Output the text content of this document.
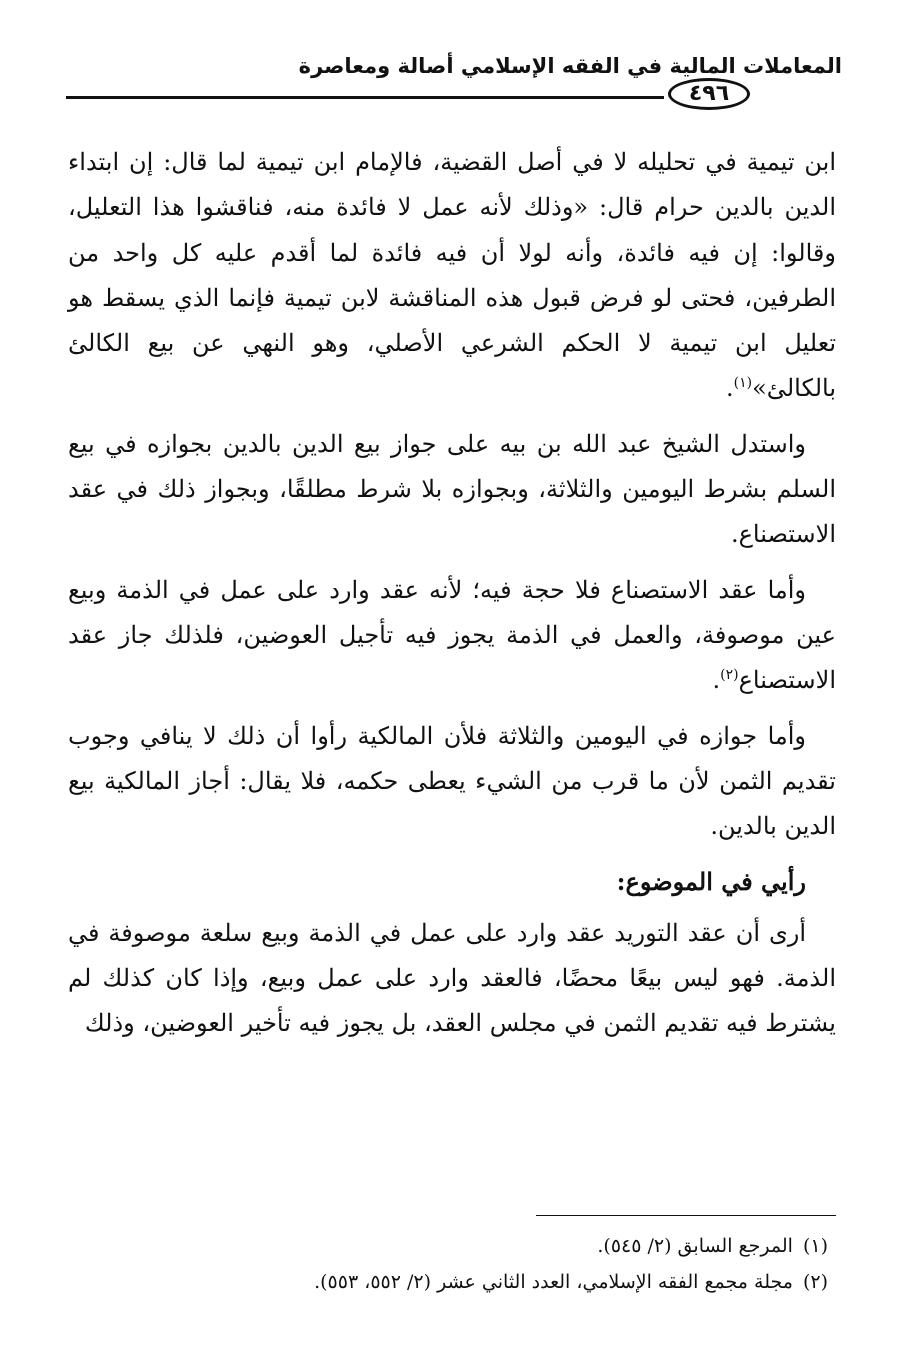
المعاملات المالية في الفقه الإسلامي أصالة ومعاصرة
٤٩٦

ابن تيمية في تحليله لا في أصل القضية، فالإمام ابن تيمية لما قال: إن ابتداء الدين بالدين حرام قال: «وذلك لأنه عمل لا فائدة منه، فناقشوا هذا التعليل، وقالوا: إن فيه فائدة، وأنه لولا أن فيه فائدة لما أقدم عليه كل واحد من الطرفين، فحتى لو فرض قبول هذه المناقشة لابن تيمية فإنما الذي يسقط هو تعليل ابن تيمية لا الحكم الشرعي الأصلي، وهو النهي عن بيع الكالئ بالكالئ»$^{(١)}$.

واستدل الشيخ عبد الله بن بيه على جواز بيع الدين بالدين بجوازه في بيع السلم بشرط اليومين والثلاثة، وبجوازه بلا شرط مطلقًا، وبجواز ذلك في عقد الاستصناع.

وأما عقد الاستصناع فلا حجة فيه؛ لأنه عقد وارد على عمل في الذمة وبيع عين موصوفة، والعمل في الذمة يجوز فيه تأجيل العوضين، فلذلك جاز عقد الاستصناع$^{(٢)}$.

وأما جوازه في اليومين والثلاثة فلأن المالكية رأوا أن ذلك لا ينافي وجوب تقديم الثمن لأن ما قرب من الشيء يعطى حكمه، فلا يقال: أجاز المالكية بيع الدين بالدين.

رأيي في الموضوع:

أرى أن عقد التوريد عقد وارد على عمل في الذمة وبيع سلعة موصوفة في الذمة. فهو ليس بيعًا محضًا، فالعقد وارد على عمل وبيع، وإذا كان كذلك لم يشترط فيه تقديم الثمن في مجلس العقد، بل يجوز فيه تأخير العوضين، وذلك

(١)المرجع السابق (٢/ ٥٤٥).

(٢)مجلة مجمع الفقه الإسلامي، العدد الثاني عشر (٢/ ٥٥٢، ٥٥٣).
